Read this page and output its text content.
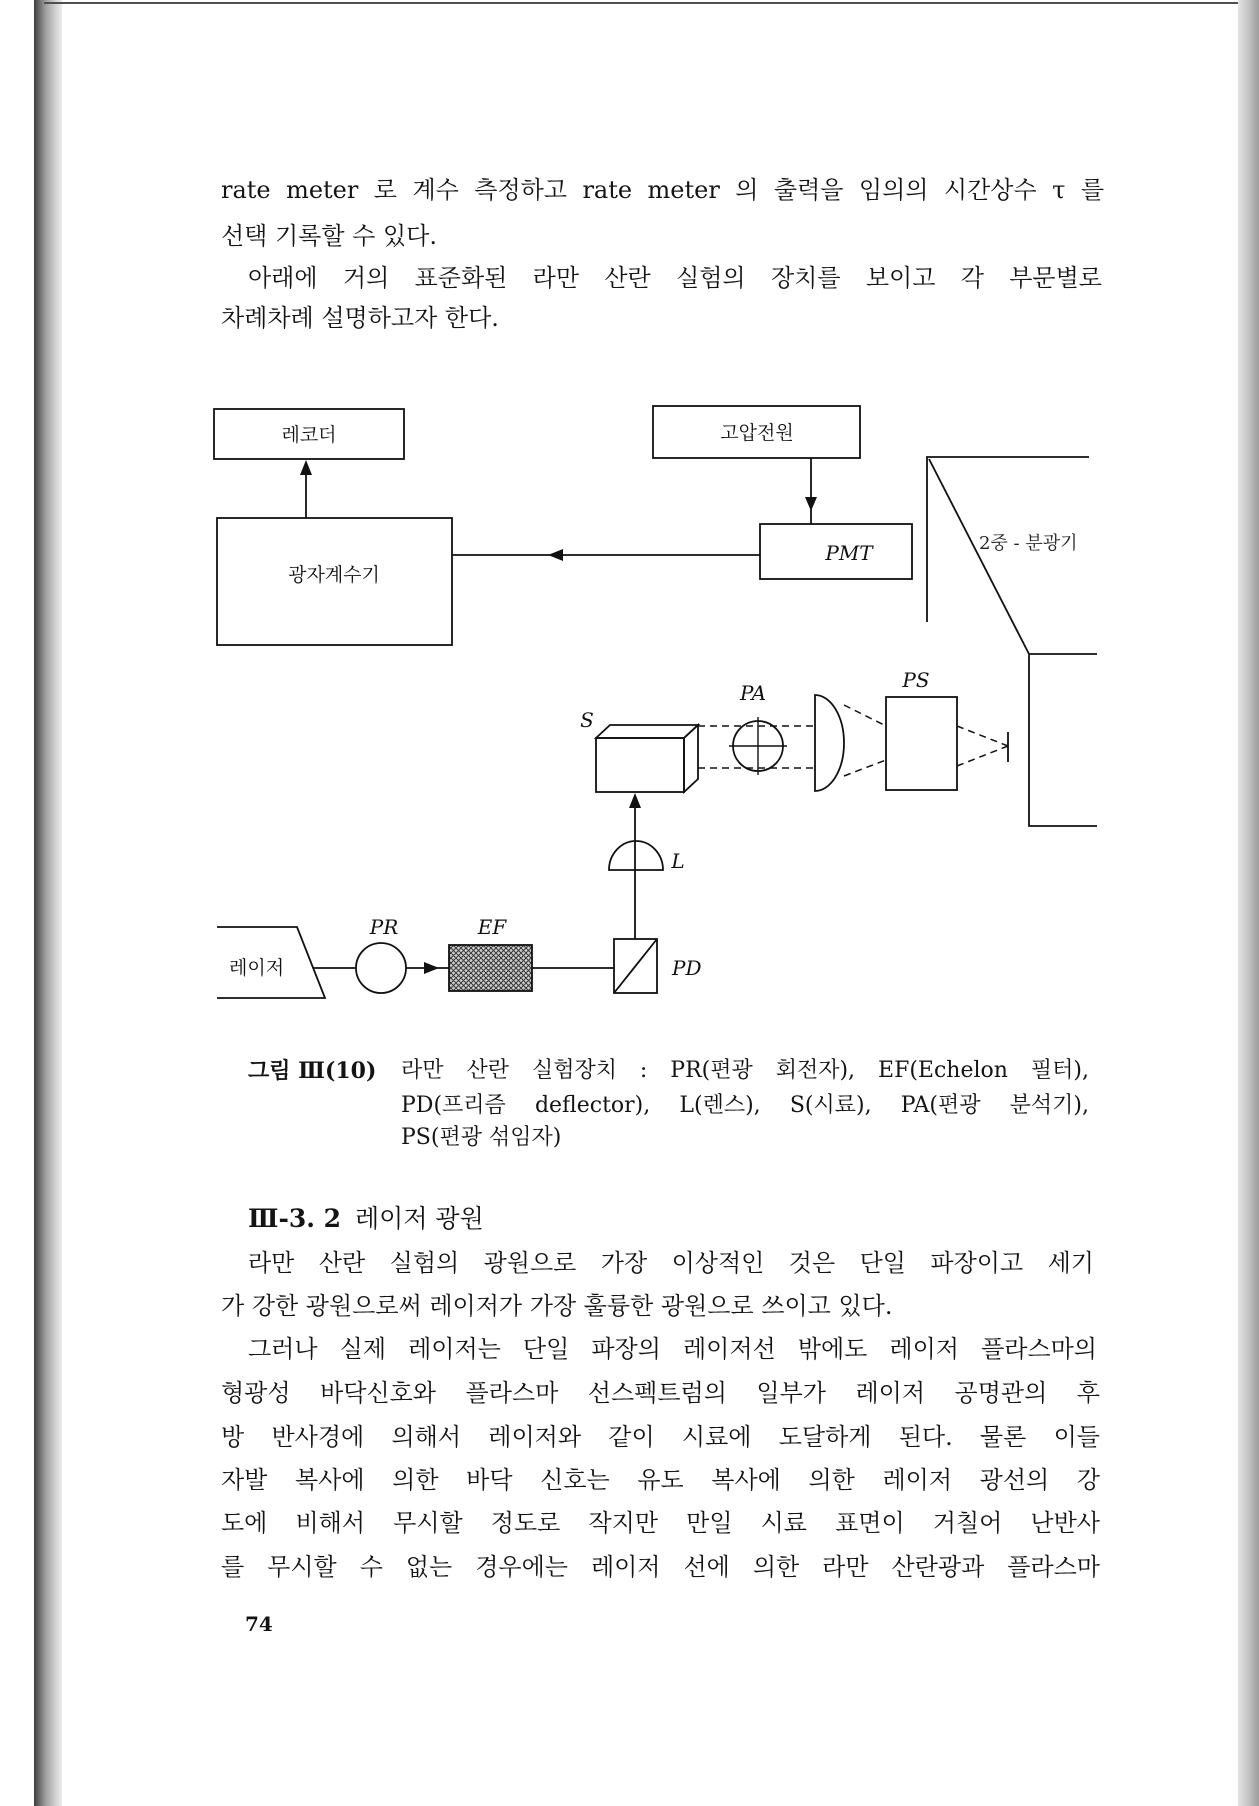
rate meter 로 계수 측정하고 rate meter 의 출력을 임의의 시간상수 τ 를
선택 기록할 수 있다.
아래에 거의 표준화된 라만 산란 실험의 장치를 보이고 각 부문별로
차례차례 설명하고자 한다.
레코더	고압전원
광자계수기
PMT	2중 - 분광기
PS
PA
S
L
레이저
PR	EF
PD
그림 Ⅲ(10) 라만 산란 실험장치 : PR(편광 회전자), EF(Echelon 필터),
PD(프리즘 deflector), L(렌스), S(시료), PA(편광 분석기),
PS(편광 섞임자)
Ⅲ-3. 2 레이저 광원
라만 산란 실험의 광원으로 가장 이상적인 것은 단일 파장이고 세기
가 강한 광원으로써 레이저가 가장 훌륭한 광원으로 쓰이고 있다.
그러나 실제 레이저는 단일 파장의 레이저선 밖에도 레이저 플라스마의
형광성 바닥신호와 플라스마 선스펙트럼의 일부가 레이저 공명관의 후
방 반사경에 의해서 레이저와 같이 시료에 도달하게 된다. 물론 이들
자발 복사에 의한 바닥 신호는 유도 복사에 의한 레이저 광선의 강
도에 비해서 무시할 정도로 작지만 만일 시료 표면이 거칠어 난반사
를 무시할 수 없는 경우에는 레이저 선에 의한 라만 산란광과 플라스마
74
